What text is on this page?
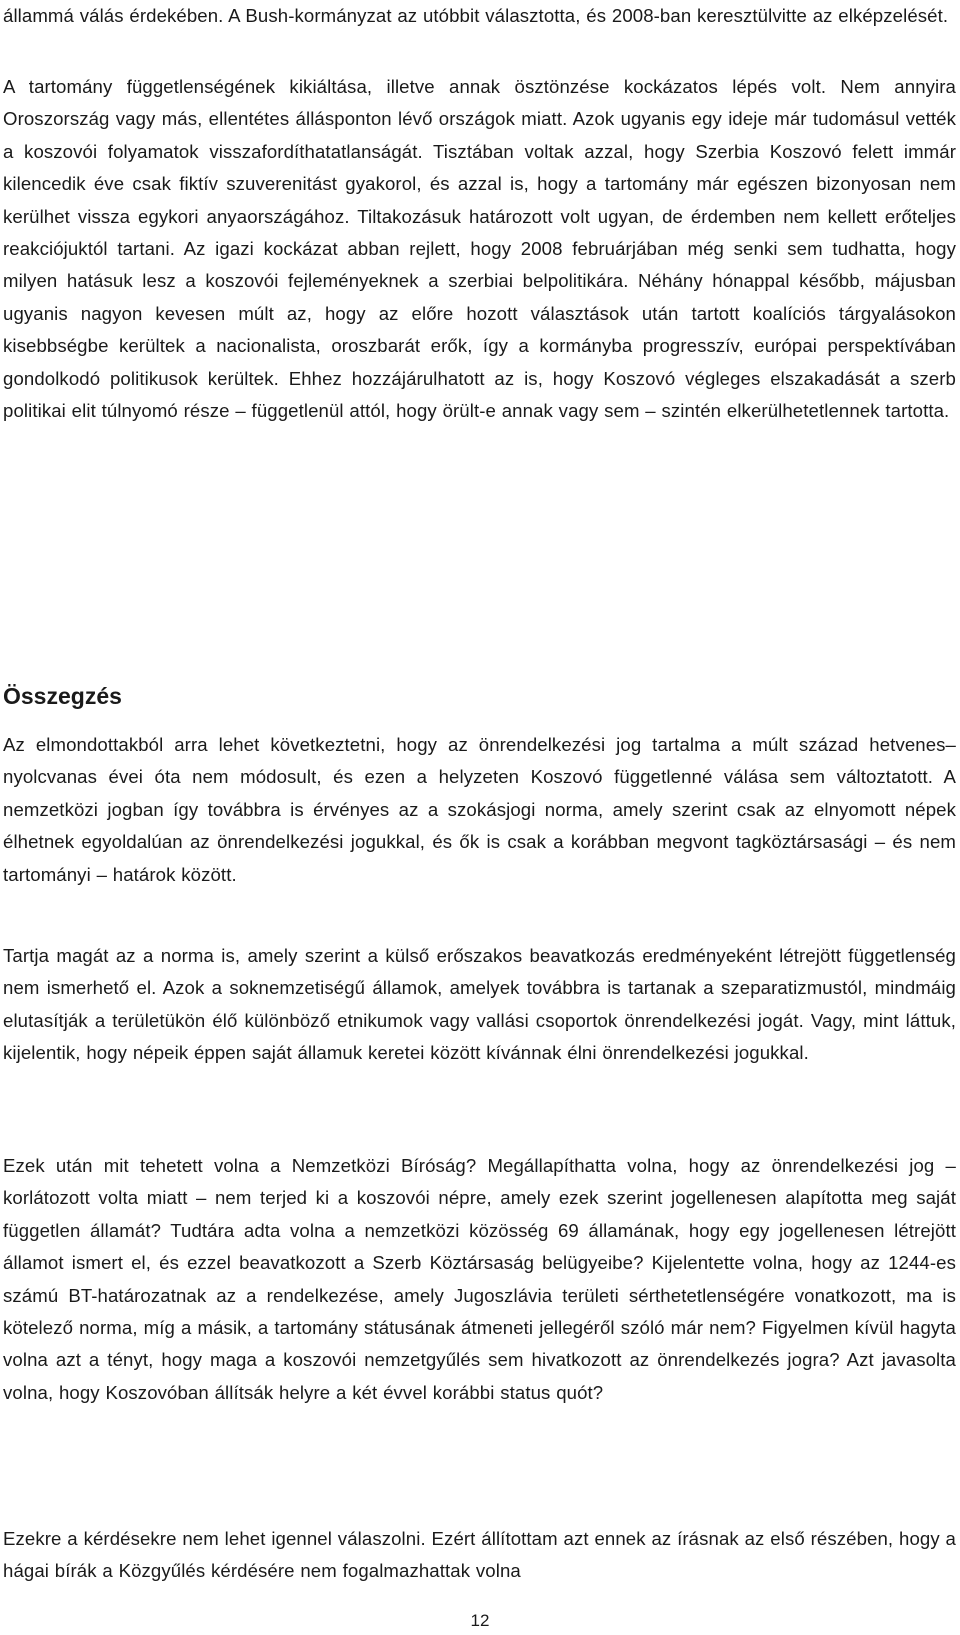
állammá válás érdekében. A Bush-kormányzat az utóbbit választotta, és 2008-ban keresztülvitte az elképzelését.

A tartomány függetlenségének kikiáltása, illetve annak ösztönzése kockázatos lépés volt. Nem annyira Oroszország vagy más, ellentétes állásponton lévő országok miatt. Azok ugyanis egy ideje már tudomásul vették a koszovói folyamatok visszafordíthatatlanságát. Tisztában voltak azzal, hogy Szerbia Koszovó felett immár kilencedik éve csak fiktív szuverenitást gyakorol, és azzal is, hogy a tartomány már egészen bizonyosan nem kerülhet vissza egykori anyaországához. Tiltakozásuk határozott volt ugyan, de érdemben nem kellett erőteljes reakciójuktól tartani. Az igazi kockázat abban rejlett, hogy 2008 februárjában még senki sem tudhatta, hogy milyen hatásuk lesz a koszovói fejleményeknek a szerbiai belpolitikára. Néhány hónappal később, májusban ugyanis nagyon kevesen múlt az, hogy az előre hozott választások után tartott koalíciós tárgyalásokon kisebbségbe kerültek a nacionalista, oroszbarát erők, így a kormányba progresszív, európai perspektívában gondolkodó politikusok kerültek. Ehhez hozzájárulhatott az is, hogy Koszovó végleges elszakadását a szerb politikai elit túlnyomó része – függetlenül attól, hogy örült-e annak vagy sem – szintén elkerülhetetlennek tartotta.

Összegzés

Az elmondottakból arra lehet következtetni, hogy az önrendelkezési jog tartalma a múlt század hetvenes–nyolcvanas évei óta nem módosult, és ezen a helyzeten Koszovó függetlenné válása sem változtatott. A nemzetközi jogban így továbbra is érvényes az a szokásjogi norma, amely szerint csak az elnyomott népek élhetnek egyoldalúan az önrendelkezési jogukkal, és ők is csak a korábban megvont tagköztársasági – és nem tartományi – határok között.

Tartja magát az a norma is, amely szerint a külső erőszakos beavatkozás eredményeként létrejött függetlenség nem ismerhető el. Azok a soknemzetiségű államok, amelyek továbbra is tartanak a szeparatizmustól, mindmáig elutasítják a területükön élő különböző etnikumok vagy vallási csoportok önrendelkezési jogát. Vagy, mint láttuk, kijelentik, hogy népeik éppen saját államuk keretei között kívánnak élni önrendelkezési jogukkal.

Ezek után mit tehetett volna a Nemzetközi Bíróság? Megállapíthatta volna, hogy az önrendelkezési jog – korlátozott volta miatt – nem terjed ki a koszovói népre, amely ezek szerint jogellenesen alapította meg saját független államát? Tudtára adta volna a nemzetközi közösség 69 államának, hogy egy jogellenesen létrejött államot ismert el, és ezzel beavatkozott a Szerb Köztársaság belügyeibe? Kijelentette volna, hogy az 1244-es számú BT-határozatnak az a rendelkezése, amely Jugoszlávia területi sérthetetlenségére vonatkozott, ma is kötelező norma, míg a másik, a tartomány státusának átmeneti jellegéről szóló már nem? Figyelmen kívül hagyta volna azt a tényt, hogy maga a koszovói nemzetgyűlés sem hivatkozott az önrendelkezés jogra? Azt javasolta volna, hogy Koszovóban állítsák helyre a két évvel korábbi status quót?

Ezekre a kérdésekre nem lehet igennel válaszolni. Ezért állítottam azt ennek az írásnak az első részében, hogy a hágai bírák a Közgyűlés kérdésére nem fogalmazhattak volna

12
